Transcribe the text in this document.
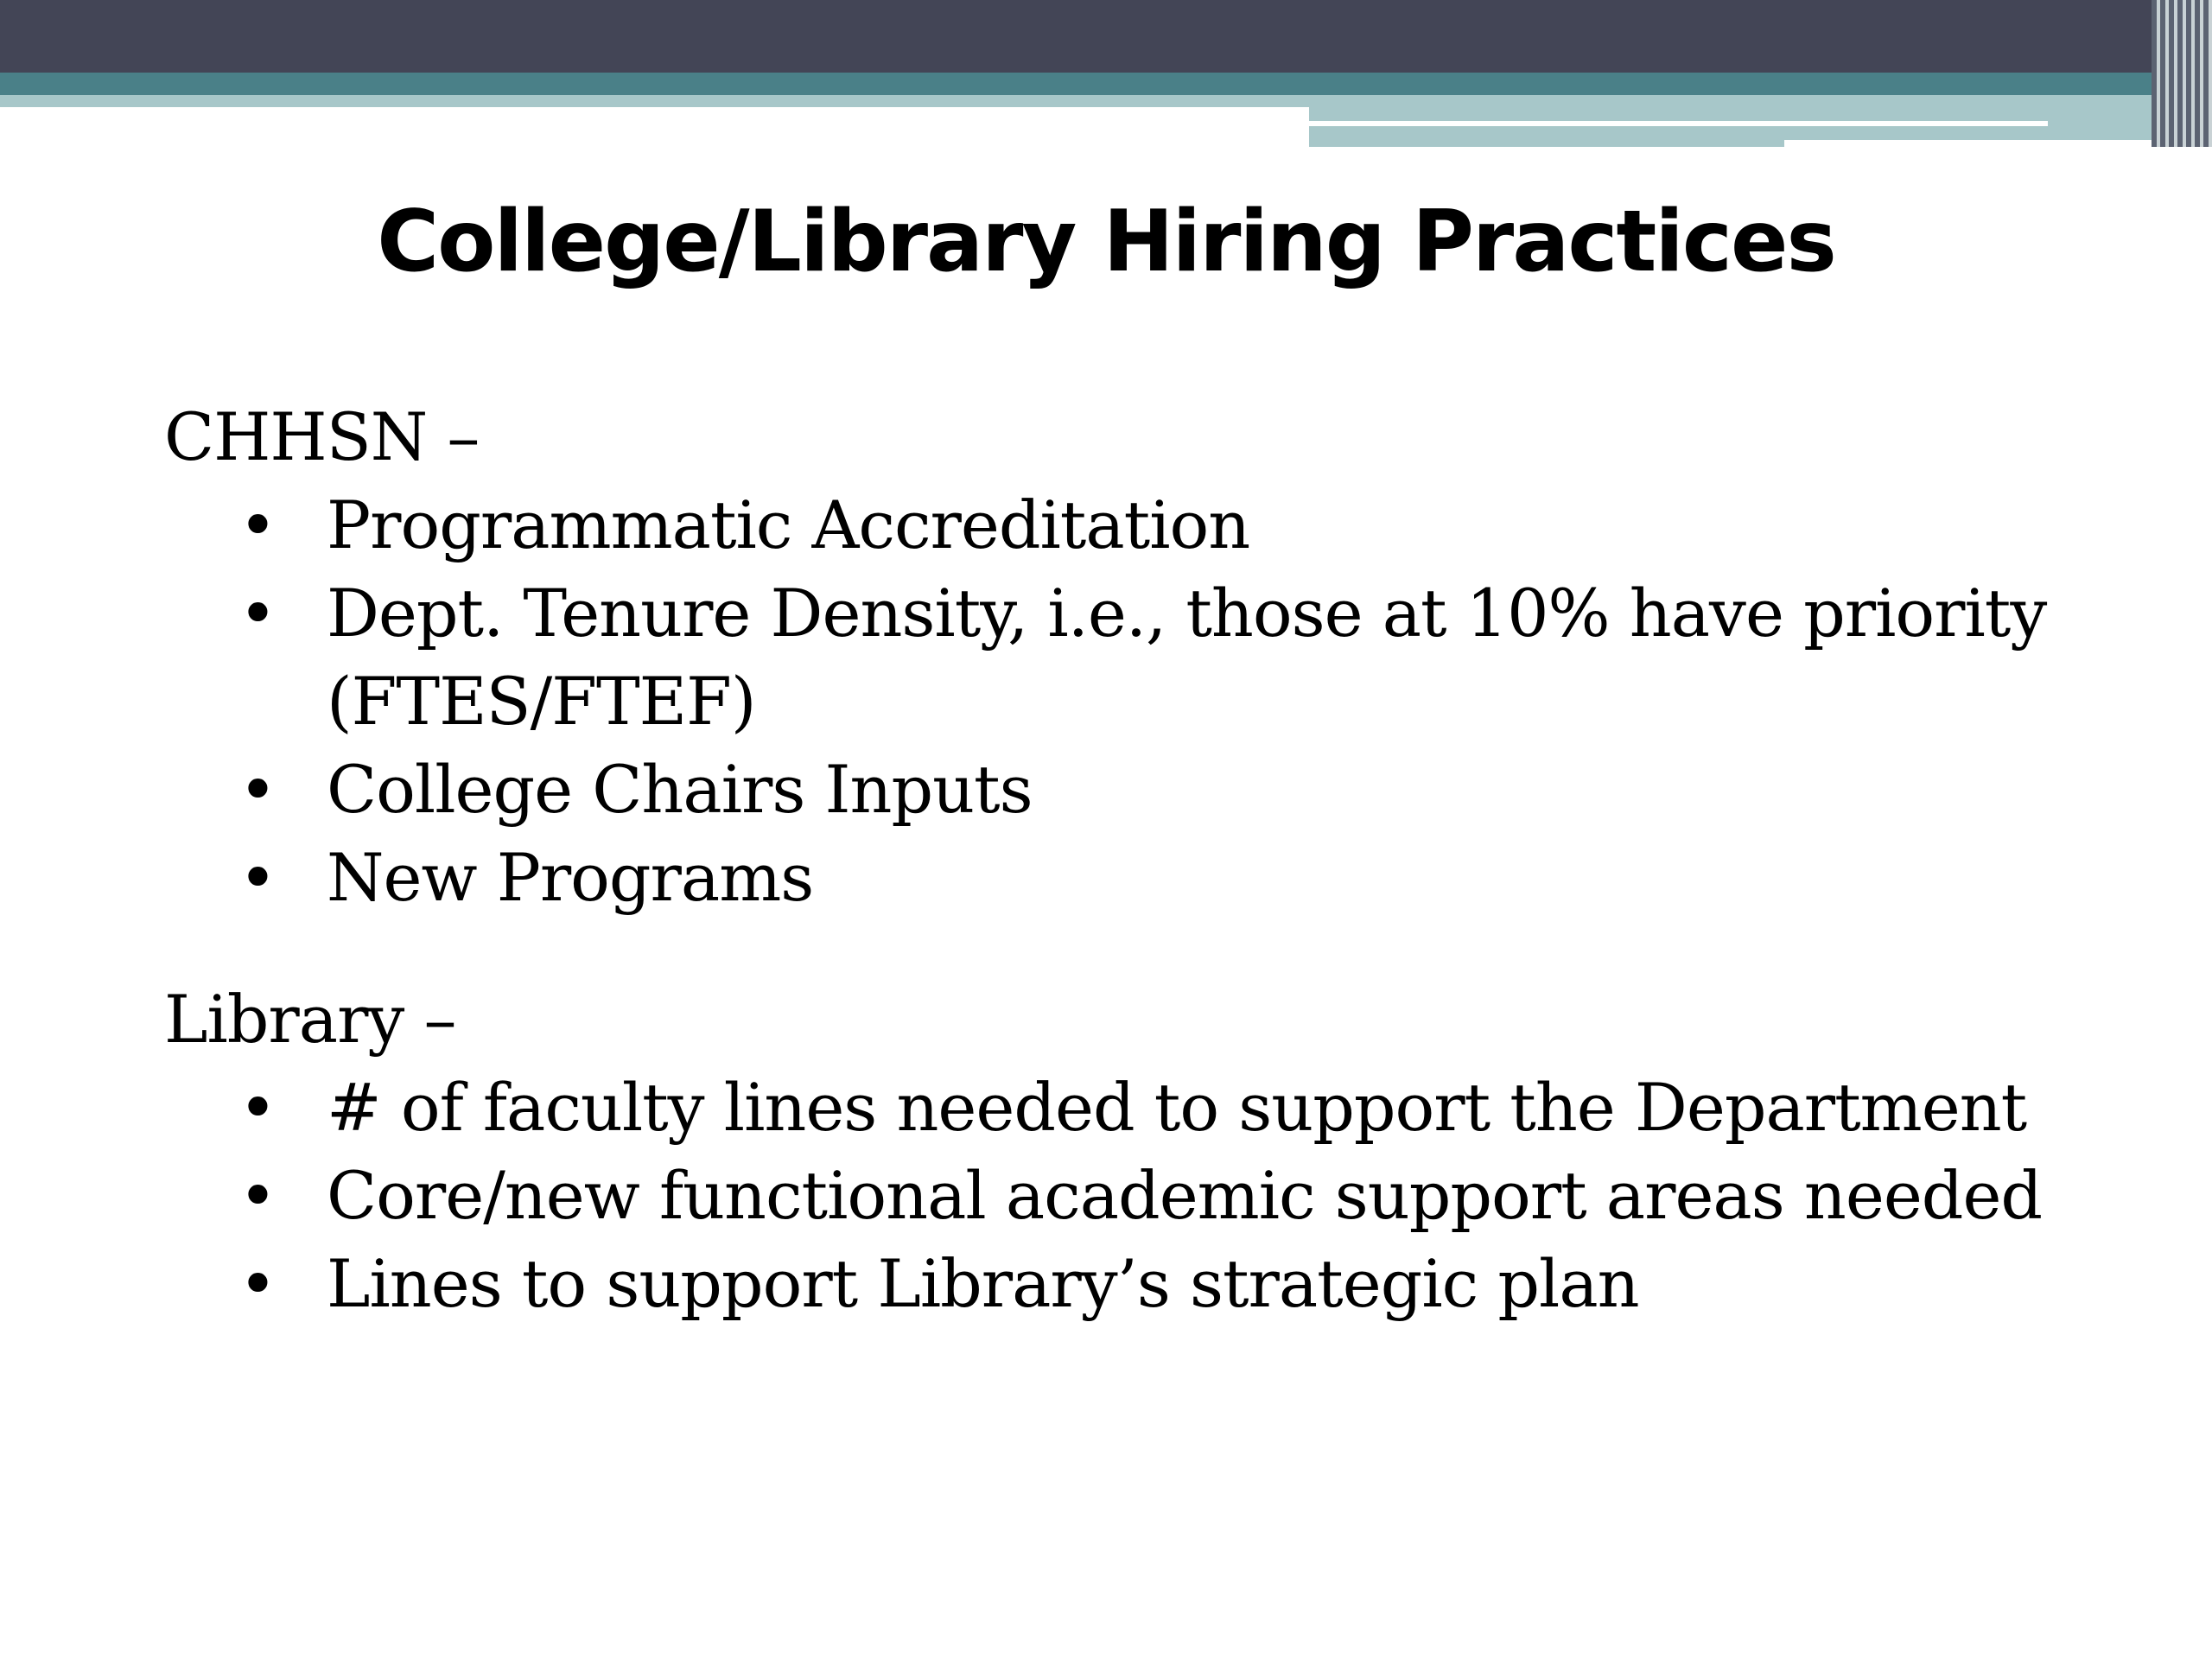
College/Library Hiring Practices

CHHSN –

• Programmatic Accreditation
• Dept. Tenure Density, i.e., those at 10% have priority (FTES/FTEF)
• College Chairs Inputs
• New Programs

Library –

• # of faculty lines needed to support the Department
• Core/new functional academic support areas needed
• Lines to support Library’s strategic plan
